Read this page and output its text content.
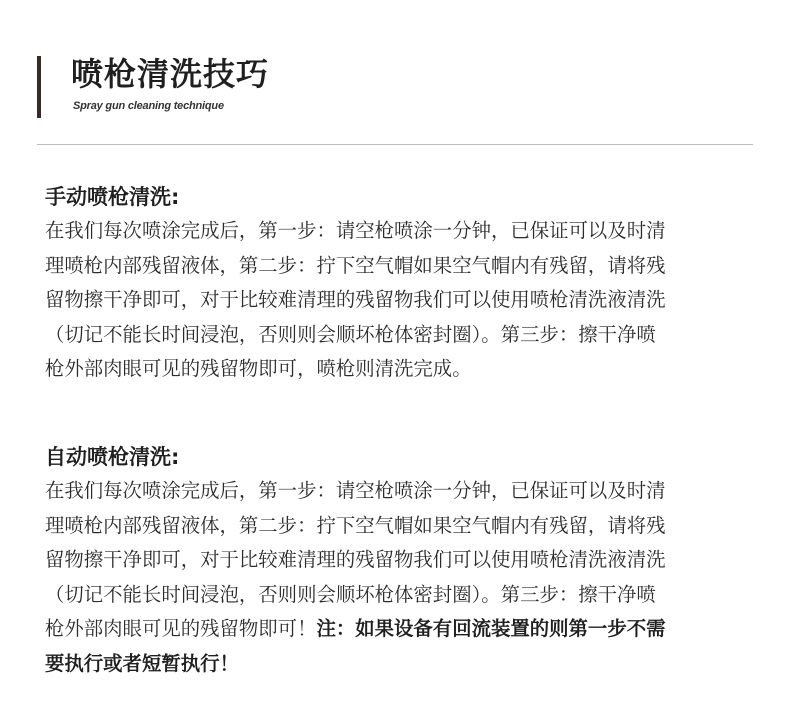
喷枪清洗技巧
Spray gun cleaning technique
手动喷枪清洗:
在我们每次喷涂完成后，第一步：请空枪喷涂一分钟，已保证可以及时清
理喷枪内部残留液体，第二步：拧下空气帽如果空气帽内有残留，请将残
留物擦干净即可，对于比较难清理的残留物我们可以使用喷枪清洗液清洗
（切记不能长时间浸泡，否则则会顺坏枪体密封圈）。第三步：擦干净喷
枪外部肉眼可见的残留物即可，喷枪则清洗完成。
自动喷枪清洗:
在我们每次喷涂完成后，第一步：请空枪喷涂一分钟，已保证可以及时清
理喷枪内部残留液体，第二步：拧下空气帽如果空气帽内有残留，请将残
留物擦干净即可，对于比较难清理的残留物我们可以使用喷枪清洗液清洗
（切记不能长时间浸泡，否则则会顺坏枪体密封圈）。第三步：擦干净喷
枪外部肉眼可见的残留物即可！注：如果设备有回流装置的则第一步不需
要执行或者短暂执行！
